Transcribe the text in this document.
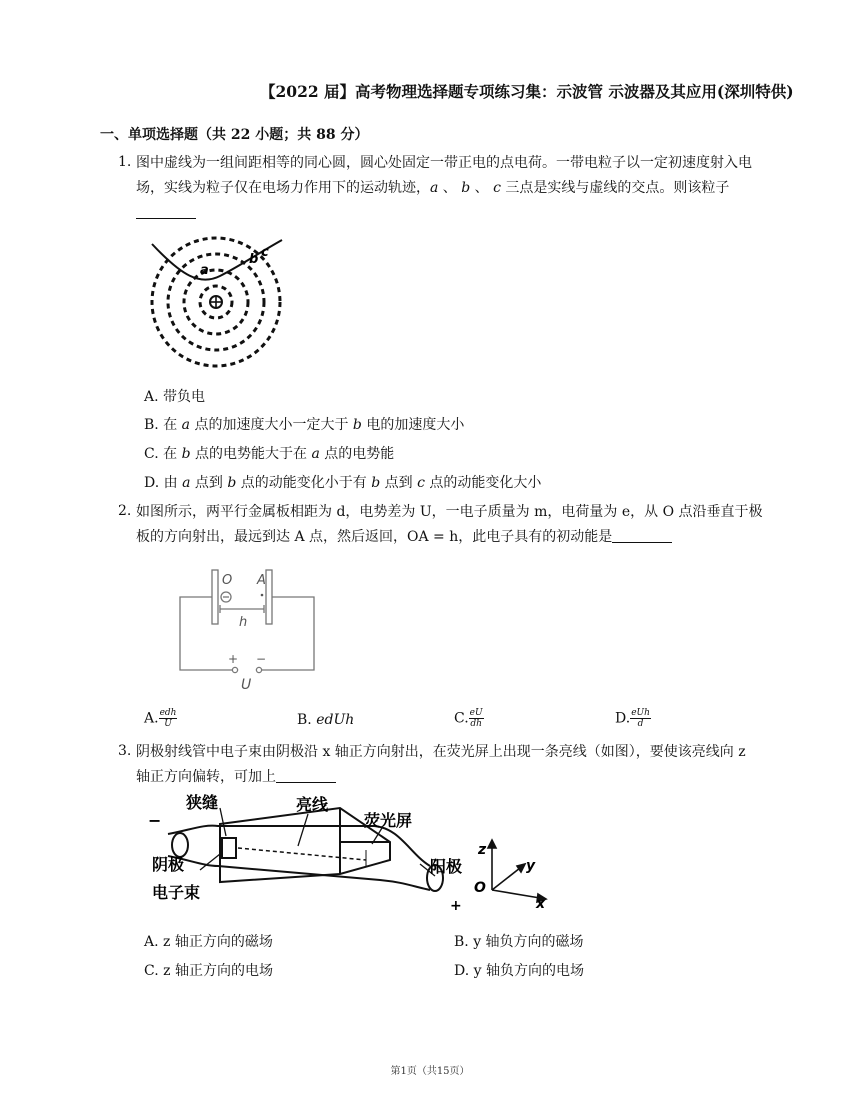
【2022 届】高考物理选择题专项练习集：示波管 示波器及其应用(深圳特供)
一、单项选择题（共 22 小题；共 88 分）
1. 图中虚线为一组间距相等的同心圆，圆心处固定一带正电的点电荷。一带电粒子以一定初速度射入电场，实线为粒子仅在电场力作用下的运动轨迹，a 、 b 、 c 三点是实线与虚线的交点。则该粒子
a
b c
A. 带负电
B. 在 a 点的加速度大小一定大于 b 电的加速度大小
C. 在 b 点的电势能大于在 a 点的电势能
D. 由 a 点到 b 点的动能变化小于有 b 点到 c 点的动能变化大小
2. 如图所示，两平行金属板相距为 d，电势差为 U，一电子质量为 m，电荷量为 e，从 O 点沿垂直于极板的方向射出，最远到达 A 点，然后返回，OA = h，此电子具有的初动能是
O A
h
+ −
U
A. $\frac{\text{edh}}{U}$	B. edUh	C. $\frac{eU}{dh}$	D. $\frac{\text{eUh}}{d}$
3. 阴极射线管中电子束由阴极沿 x 轴正方向射出，在荧光屏上出现一条亮线（如图），要使该亮线向 z 轴正方向偏转，可加上
−
狭缝	亮线
荧光屏
阴极
电子束
阳极
+
z
y
x
O
A. z 轴正方向的磁场	B. y 轴负方向的磁场
C. z 轴正方向的电场	D. y 轴负方向的电场
第1页（共15页）
